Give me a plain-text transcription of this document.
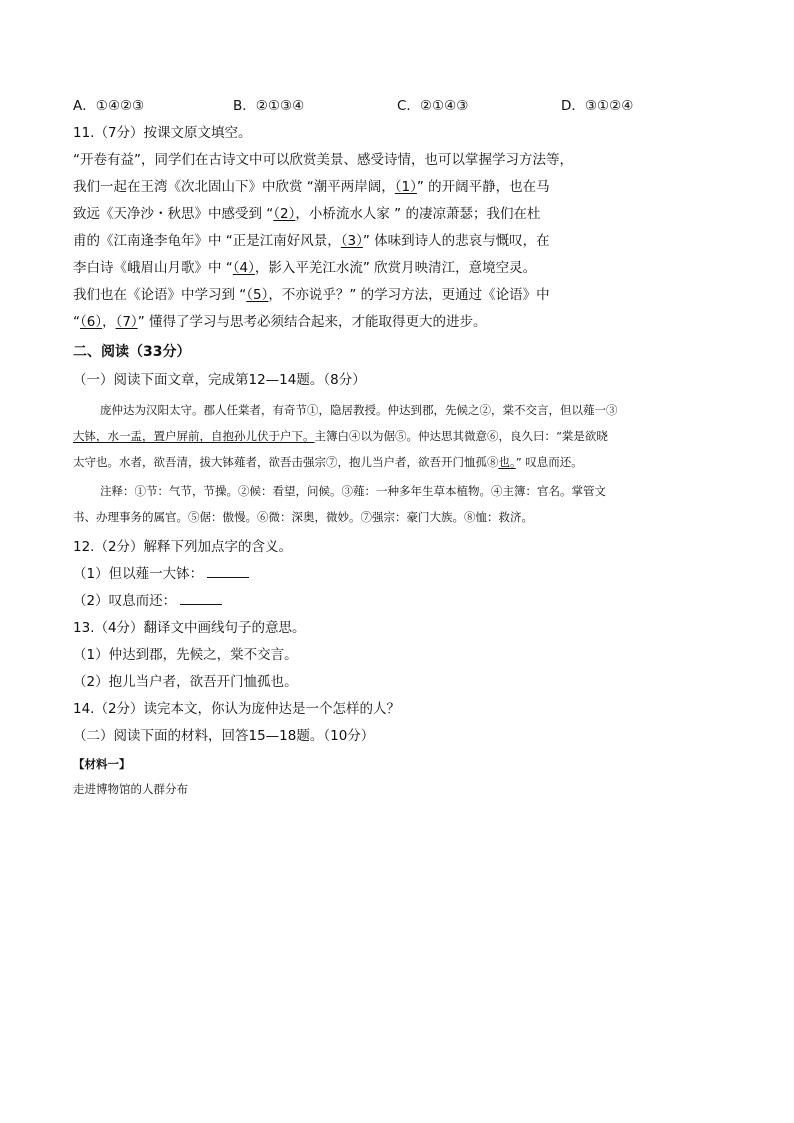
A．①④②③	B．②①③④	C．②①④③	D．③①②④
11.（7分）按课文原文填空。
“开卷有益”，同学们在古诗文中可以欣赏美景、感受诗情，也可以掌握学习方法等，
我们一起在王湾《次北固山下》中欣赏 “潮平两岸阔，（1）” 的开阔平静，也在马
致远《天净沙・秋思》中感受到 “（2），小桥流水人家 ” 的凄凉萧瑟；我们在杜
甫的《江南逢李龟年》中 “正是江南好风景，（3）” 体味到诗人的悲哀与慨叹，在
李白诗《峨眉山月歌》中 “（4），影入平羌江水流” 欣赏月映清江，意境空灵。
我们也在《论语》中学习到 “（5），不亦说乎？” 的学习方法，更通过《论语》中
“（6），（7）” 懂得了学习与思考必须结合起来，才能取得更大的进步。
二、阅读（33分）
（一）阅读下面文章，完成第12—14题。（8分）
庞仲达为汉阳太守。郡人任棠者，有奇节①，隐居教授。仲达到郡，先候之②，棠不交言，但以薤一③
大钵，水一盂，置户屏前，自抱孙儿伏于户下。主簿白④以为倨⑤。仲达思其微意⑥，良久曰：“棠是欲晓
太守也。水者，欲吾清，拔大钵薤者，欲吾击强宗⑦，抱儿当户者，欲吾开门恤孤⑧也。” 叹息而还。
注释：①节：气节，节操。②候：看望，问候。③薤：一种多年生草本植物。④主簿：官名。掌管文
书、办理事务的属官。⑤倨：傲慢。⑥微：深奥，微妙。⑦强宗：豪门大族。⑧恤：救济。
12.（2分）解释下列加点字的含义。
（1）但以薤一大钵：
（2）叹息而还：
13.（4分）翻译文中画线句子的意思。
（1）仲达到郡，先候之，棠不交言。
（2）抱儿当户者，欲吾开门恤孤也。
14.（2分）读完本文，你认为庞仲达是一个怎样的人？
（二）阅读下面的材料，回答15—18题。（10分）
【材料一】
走进博物馆的人群分布
